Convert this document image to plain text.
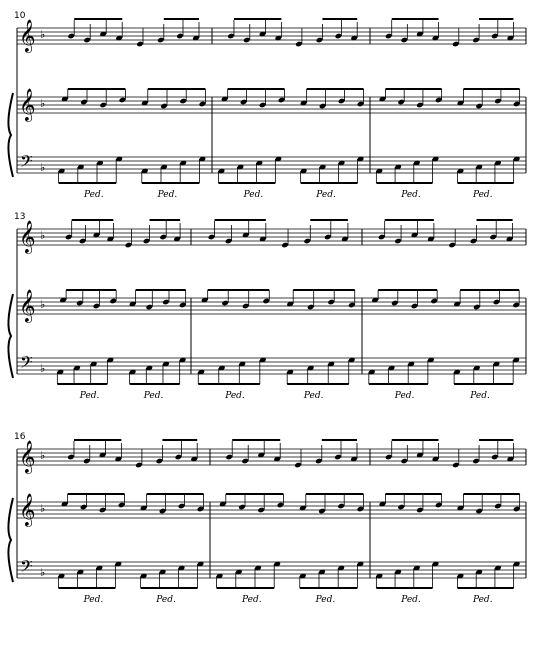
10
𝄞
𝄞
𝄢
♭
♭
♭
Ped.	Ped.	Ped.	Ped.	Ped.	Ped.
13
𝄞
𝄞
𝄢
♭
♭
♭
Ped.	Ped.	Ped.	Ped.	Ped.	Ped.
16
𝄞
𝄞
𝄢
♭
♭
♭
Ped.	Ped.	Ped.	Ped.	Ped.	Ped.
